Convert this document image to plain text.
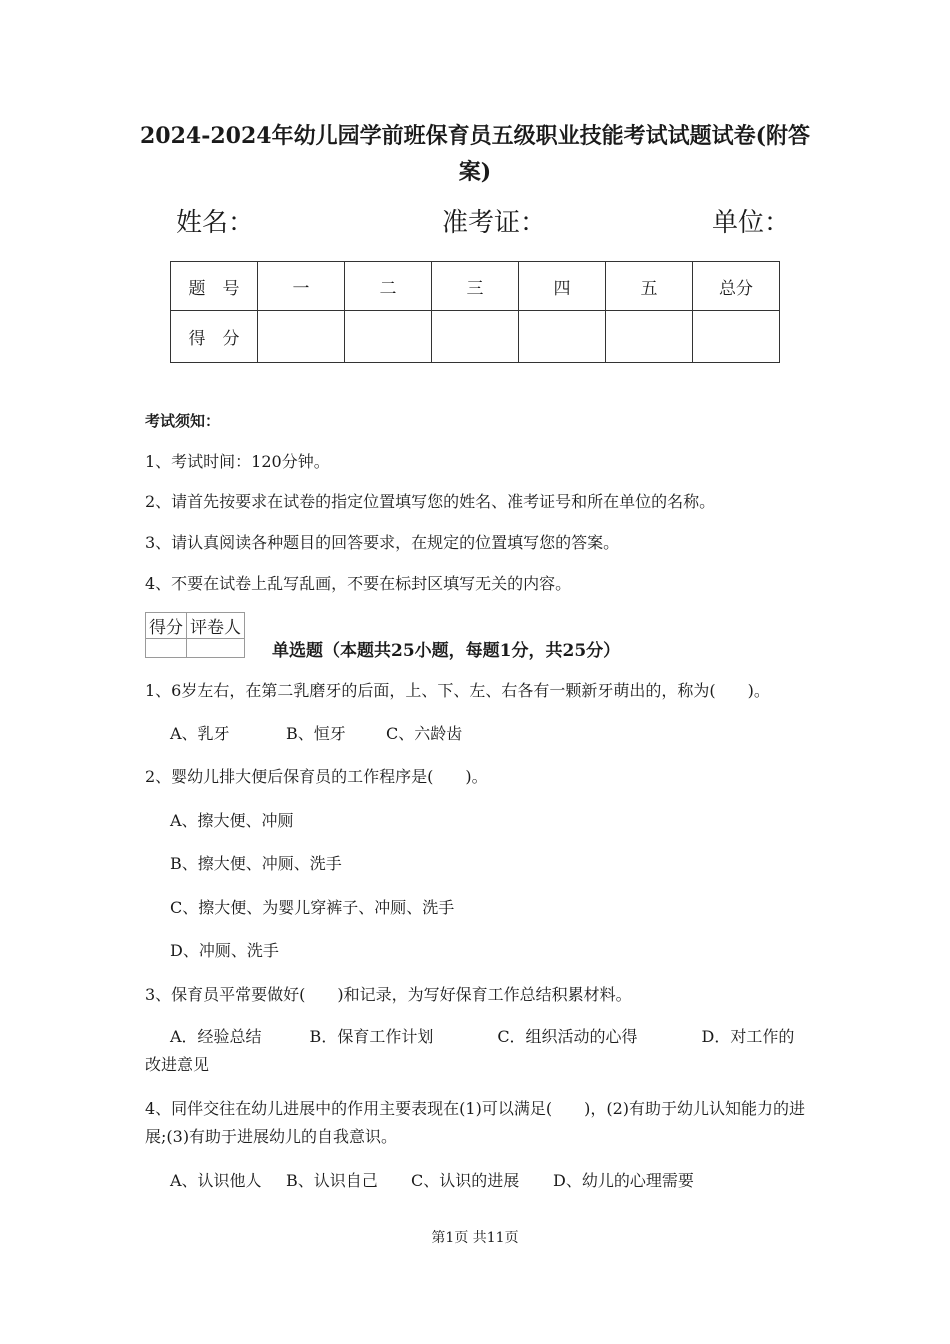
2024-2024年幼儿园学前班保育员五级职业技能考试试题试卷(附答
案)
姓名：	准考证：	单位：
题　号	一	二	三	四	五	总分
得　分						
考试须知：
1、考试时间：120分钟。
2、请首先按要求在试卷的指定位置填写您的姓名、准考证号和所在单位的名称。
3、请认真阅读各种题目的回答要求，在规定的位置填写您的答案。
4、不要在试卷上乱写乱画，不要在标封区填写无关的内容。
得分	评卷人

单选题（本题共25小题，每题1分，共25分）
1、6岁左右，在第二乳磨牙的后面，上、下、左、右各有一颗新牙萌出的，称为(　　)。
A、乳牙	B、恒牙	C、六龄齿
2、婴幼儿排大便后保育员的工作程序是(　　)。
A、擦大便、冲厕
B、擦大便、冲厕、洗手
C、擦大便、为婴儿穿裤子、冲厕、洗手
D、冲厕、洗手
3、保育员平常要做好(　　)和记录，为写好保育工作总结积累材料。
A．经验总结　　　B．保育工作计划　　　　C．组织活动的心得　　　　D．对工作的改进意见
4、同伴交往在幼儿进展中的作用主要表现在(1)可以满足(　　)，(2)有助于幼儿认知能力的进展;(3)有助于进展幼儿的自我意识。
A、认识他人 B、认识自己 C、认识的进展 D、幼儿的心理需要
第1页 共11页
